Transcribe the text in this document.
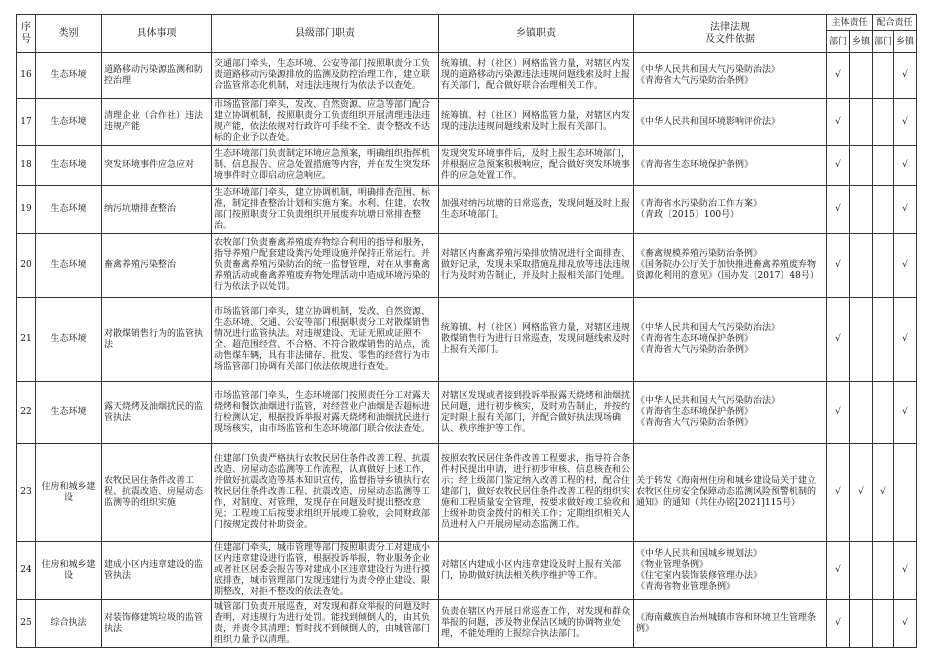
序号	类别	具体事项	县级部门职责	乡镇职责	法律法规
及文件依据	主体责任		配合责任	
						部门	乡镇	部门	乡镇
16	生态环境	道路移动污染源监测和防控治理	交通部门牵头，生态环境、公安等部门按照职责分工负责道路移动污染源排放的监测及防控治理工作，建立联合监管常态化机制，对违法违规行为依法予以查处。	统筹镇、村（社区）网格监管力量，对辖区内发现的道路移动污染源违法违规问题线索及时上报有关部门，配合做好联合治理相关工作。	《中华人民共和国大气污染防治法》
《青海省大气污染防治条例》	√			√
17	生态环境	清理企业（合作社）违法违规产能	市场监管部门牵头，发改、自然资源、应急等部门配合建立协调机制，按照职责分工负责组织开展清理违法违规产能，依法依规对行政许可手续不全、责令整改不达标的企业予以查处。	统筹镇、村（社区）网格监管力量，对辖区内发现的违法违规问题线索及时上报有关部门。	《中华人民共和国环境影响评价法》	√			√
18	生态环境	突发环境事件应急应对	生态环境部门负责制定环境应急预案，明确组织指挥机制、信息报告、应急处置措施等内容，并在发生突发环境事件时立即启动应急响应。	发现突发环境事件后，及时上报生态环境部门，并根据应急预案积极响应，配合做好突发环境事件的应急处置工作。	《青海省生态环境保护条例》	√			√
19	生态环境	纳污坑塘排查整治	生态环境部门牵头，建立协调机制，明确排查范围、标准，制定排查整治计划和实施方案。水利、住建、农牧部门按照职责分工负责组织开展废弃坑塘日常排查整治。	加强对纳污坑塘的日常巡查，发现问题及时上报生态环境部门。	《青海省水污染防治工作方案》
（青政〔2015〕100号）	√			√
20	生态环境	畜禽养殖污染整治	农牧部门负责畜禽养殖废弃物综合利用的指导和服务，指导养殖户配套建设粪污处理设施并保持正常运行。并负责畜禽养殖污染防治的统一监督管理，对在从事畜禽养殖活动或畜禽养殖废弃物处理活动中造成环境污染的行为依法予以处罚。	对辖区内畜禽养殖污染排放情况进行全面排查、做好记录，发现未采取措施乱排乱放等违法违规行为及时劝告制止，并及时上报相关部门处理。	《畜禽规模养殖污染防治条例》
《国务院办公厅关于加快推进畜禽养殖废弃物资源化利用的意见》（国办发〔2017〕48号）	√			√
21	生态环境	对散煤销售行为的监管执法	市场监管部门牵头，建立协调机制，发改、自然资源、生态环境、交通、公安等部门根据职责分工对散煤销售情况进行监管执法。对违规建设、无证无照或证照不全、超范围经营、不合格、不符合散煤销售的站点，流动售煤车辆，具有非法储存、批发、零售的经营行为市场监管部门协调有关部门依法依规进行查处。	统筹镇、村（社区）网格监管力量，对辖区违规散煤销售行为进行日常巡查，发现问题线索及时上报有关部门。	《中华人民共和国大气污染防治法》
《青海省生态环境保护条例》
《青海省大气污染防治条例》	√			√
22	生态环境	露天烧烤及油烟扰民的监管执法	市场监管部门牵头，生态环境部门按照责任分工对露天烧烤和餐饮油烟进行监管，对经营业户油烟是否超标进行检测认定，根据投诉举报对露天烧烤和油烟扰民进行现场核实，由市场监管和生态环境部门联合依法查处。	对辖区发现或者接到投诉举报露天烧烤和油烟扰民问题，进行初步核实，及时劝告制止，并按约定时限上报有关部门，并配合做好执法现场确认、秩序维护等工作。	《中华人民共和国大气污染防治法》
《青海省生态环境保护条例》
《青海省大气污染防治条例》	√			√
23	住房和城乡建设	农牧民居住条件改善工程、抗震改造、房屋动态监测等的组织实施	住建部门负责严格执行农牧民居住条件改善工程、抗震改造、房屋动态监测等工作流程，认真做好上述工作，并做好抗震改造等基本知识宣传，监督指导乡镇执行农牧民居住条件改善工程、抗震改造、房屋动态监测等工作，对制度、对管理，发现存在问题及时提出整改意见；工程竣工后按要求组织开展竣工验收，会同财政部门按规定拨付补助资金。	按照农牧民居住条件改善工程要求，指导符合条件村民提出申请，进行初步审核、信息核查和公示；经上级部门鉴定纳入改善工程的村，配合住建部门，做好农牧民居住条件改善工程的组织实施和工程质量安全管理，按要求做好竣工验收和上级补助资金拨付的相关工作；定期组织相关人员进村入户开展房屋动态监测工作。	关于转发《海南州住房和城乡建设局关于建立农牧区住房安全保障动态监测风险预警机制的通知》的通知（共住办铭[2021]115号）	√	√	√	
24	住房和城乡建设	建成小区内违章建设的监管执法	住建部门牵头，城市管理等部门按照职责分工对建成小区内违章建设进行监管，根据投诉举报，物业服务企业或者社区居委会报告等对建成小区违章建设行为进行摸底排查，城市管理部门发现违建行为责令停止建设、限期整改，对拒不整改的依法查处。	对辖区内建成小区内违章建设及时上报有关部门，协助做好执法相关秩序维护等工作。	《中华人民共和国城乡规划法》
《物业管理条例》
《住宅室内装饰装修管理办法》
《青海省物业管理条例》	√			√
25	综合执法	对装饰修建筑垃圾的监管执法	城管部门负责开展巡查，对发现和群众举报的问题及时查明，对违规行为进行处罚。能找到倾倒人的，由其负责，并责令其清理；暂时找不到倾倒人的，由城管部门组织力量予以清理。	负责在辖区内开展日常巡查工作，对发现和群众举报的问题，涉及物业保洁区域的协调物业处理，不能处理的上报综合执法部门。	《海南藏族自治州城镇市容和环境卫生管理条例》	√			√
